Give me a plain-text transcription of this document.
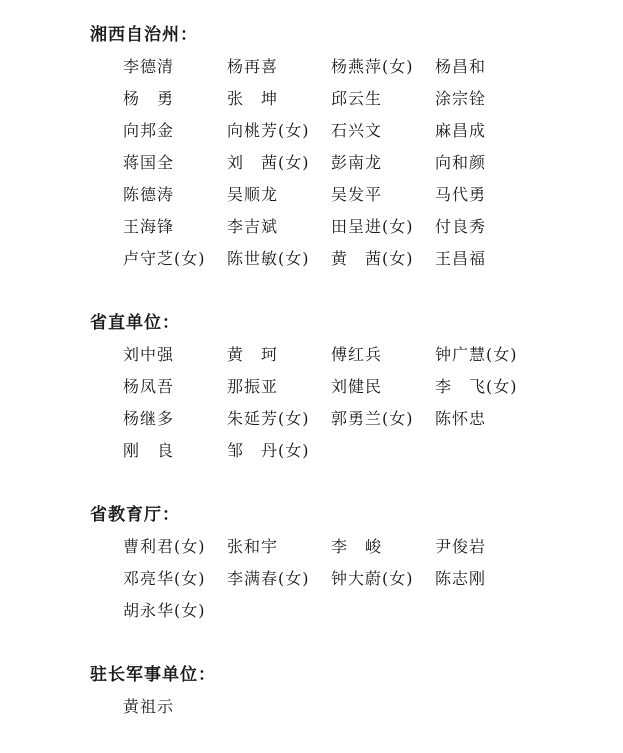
湘西自治州：
李德清	杨再喜	杨燕萍(女)	杨昌和
杨　勇	张　坤	邱云生	涂宗铨
向邦金	向桃芳(女)	石兴文	麻昌成
蒋国全	刘　茜(女)	彭南龙	向和颜
陈德涛	吴顺龙	吴发平	马代勇
王海锋	李吉斌	田呈进(女)	付良秀
卢守芝(女)	陈世敏(女)	黄　茜(女)	王昌福
省直单位：
刘中强	黄　珂	傅红兵	钟广慧(女)
杨凤吾	那振亚	刘健民	李　飞(女)
杨继多	朱延芳(女)	郭勇兰(女)	陈怀忠
刚　良	邹　丹(女)
省教育厅：
曹利君(女)	张和宇	李　峻	尹俊岩
邓亮华(女)	李满春(女)	钟大蔚(女)	陈志刚
胡永华(女)
驻长军事单位：
黄祖示
